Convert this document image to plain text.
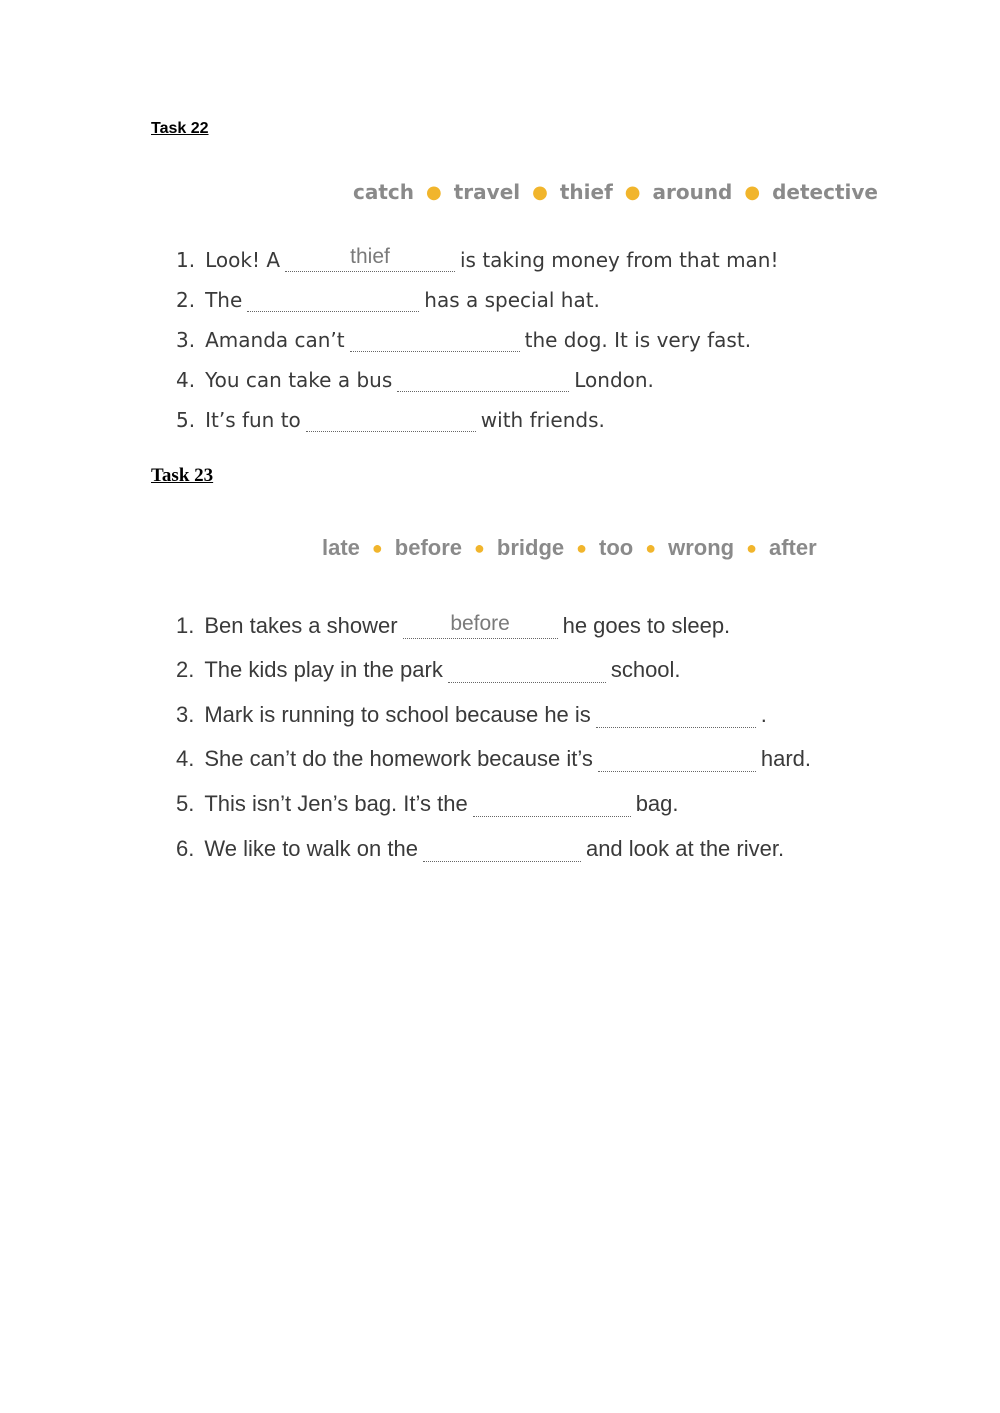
Task 22
catch ● travel ● thief ● around ● detective
1. Look! A	thief	is taking money from that man!
2. The	has a special hat.
3. Amanda can’t	the dog. It is very fast.
4. You can take a bus	London.
5. It’s fun to	with friends.
Task 23
late ● before ● bridge ● too ● wrong ● after
1. Ben takes a shower	before	he goes to sleep.
2. The kids play in the park	school.
3. Mark is running to school because he is	.
4. She can’t do the homework because it’s	hard.
5. This isn’t Jen’s bag. It’s the	bag.
6. We like to walk on the	and look at the river.
